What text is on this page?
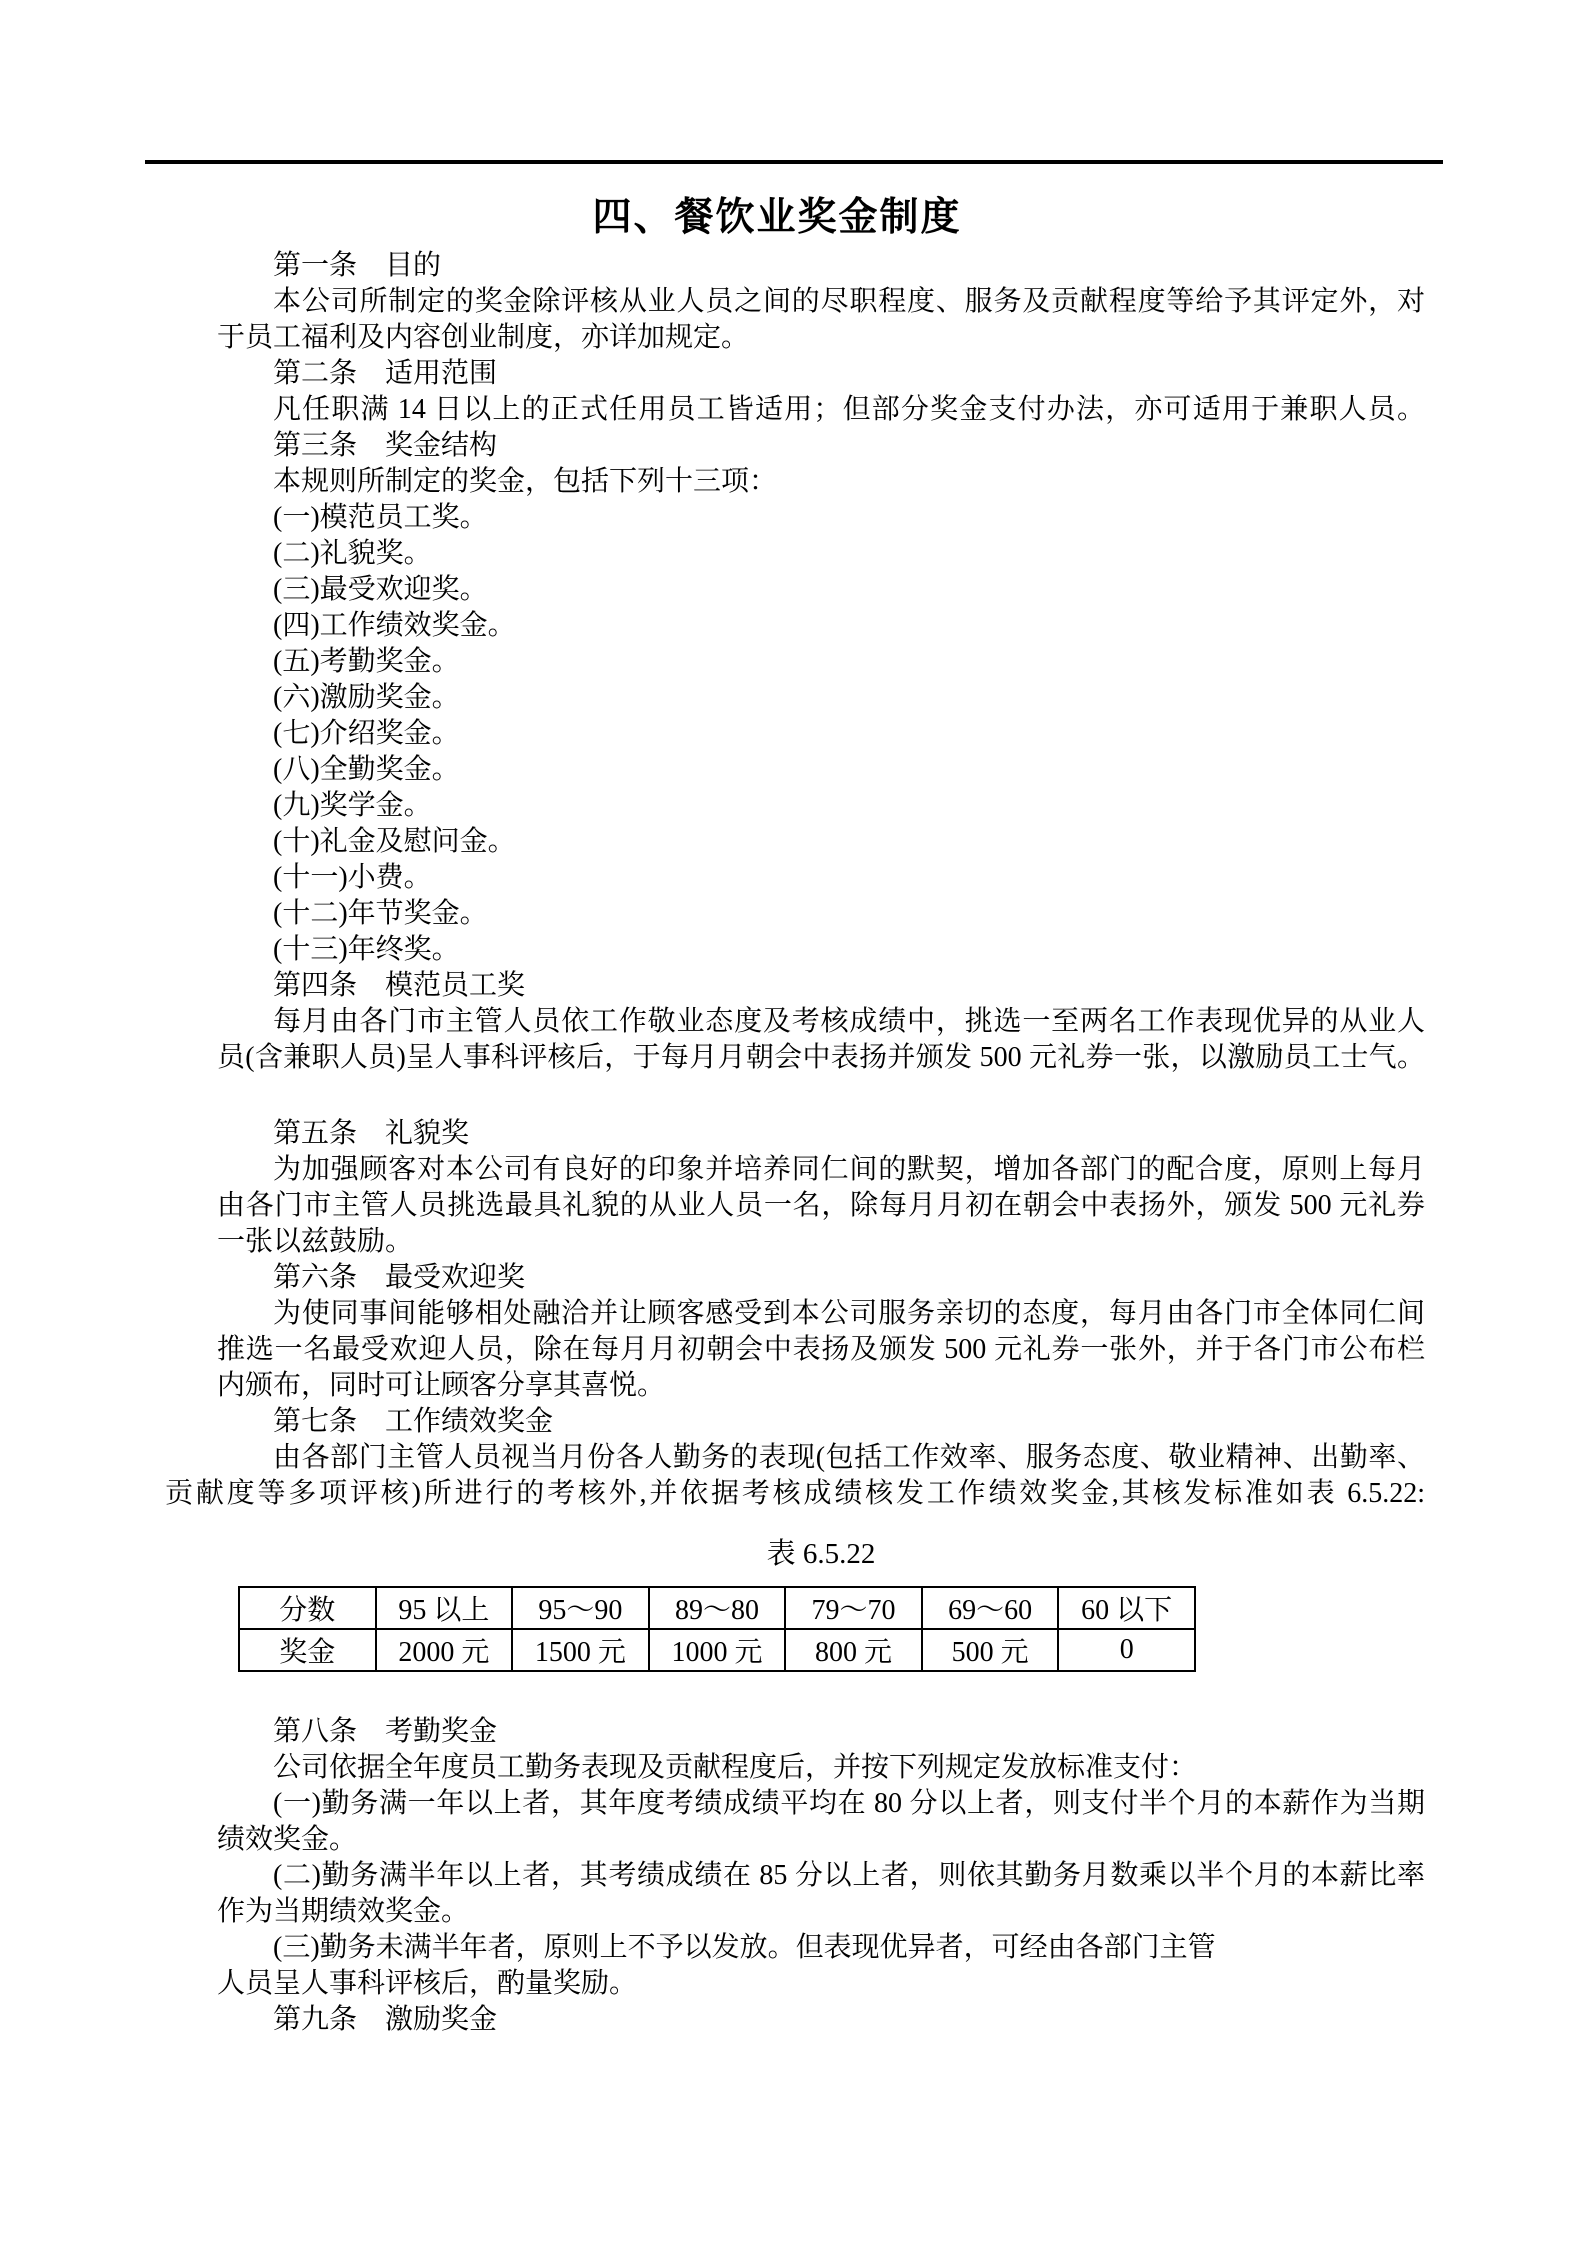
四、餐饮业奖金制度
第一条　目的
本公司所制定的奖金除评核从业人员之间的尽职程度、服务及贡献程度等给予其评定外，对
于员工福利及内容创业制度，亦详加规定。
第二条　适用范围
凡任职满 14 日以上的正式任用员工皆适用；但部分奖金支付办法，亦可适用于兼职人员。
第三条　奖金结构
本规则所制定的奖金，包括下列十三项：
(一)模范员工奖。
(二)礼貌奖。
(三)最受欢迎奖。
(四)工作绩效奖金。
(五)考勤奖金。
(六)激励奖金。
(七)介绍奖金。
(八)全勤奖金。
(九)奖学金。
(十)礼金及慰问金。
(十一)小费。
(十二)年节奖金。
(十三)年终奖。
第四条　模范员工奖
每月由各门市主管人员依工作敬业态度及考核成绩中，挑选一至两名工作表现优异的从业人
员(含兼职人员)呈人事科评核后，于每月月朝会中表扬并颁发 500 元礼券一张，以激励员工士气。
第五条　礼貌奖
为加强顾客对本公司有良好的印象并培养同仁间的默契，增加各部门的配合度，原则上每月
由各门市主管人员挑选最具礼貌的从业人员一名，除每月月初在朝会中表扬外，颁发 500 元礼券
一张以兹鼓励。
第六条　最受欢迎奖
为使同事间能够相处融洽并让顾客感受到本公司服务亲切的态度，每月由各门市全体同仁间
推选一名最受欢迎人员，除在每月月初朝会中表扬及颁发 500 元礼券一张外，并于各门市公布栏
内颁布，同时可让顾客分享其喜悦。
第七条　工作绩效奖金
由各部门主管人员视当月份各人勤务的表现(包括工作效率、服务态度、敬业精神、出勤率、
贡献度等多项评核)所进行的考核外,并依据考核成绩核发工作绩效奖金,其核发标准如表 6.5.22:
表 6.5.22
分数	95 以上	95～90	89～80	79～70	69～60	60 以下
奖金	2000 元	1500 元	1000 元	800 元	500 元	0
第八条　考勤奖金
公司依据全年度员工勤务表现及贡献程度后，并按下列规定发放标准支付：
(一)勤务满一年以上者，其年度考绩成绩平均在 80 分以上者，则支付半个月的本薪作为当期
绩效奖金。
(二)勤务满半年以上者，其考绩成绩在 85 分以上者，则依其勤务月数乘以半个月的本薪比率
作为当期绩效奖金。
(三)勤务未满半年者，原则上不予以发放。但表现优异者，可经由各部门主管
人员呈人事科评核后，酌量奖励。
第九条　激励奖金
